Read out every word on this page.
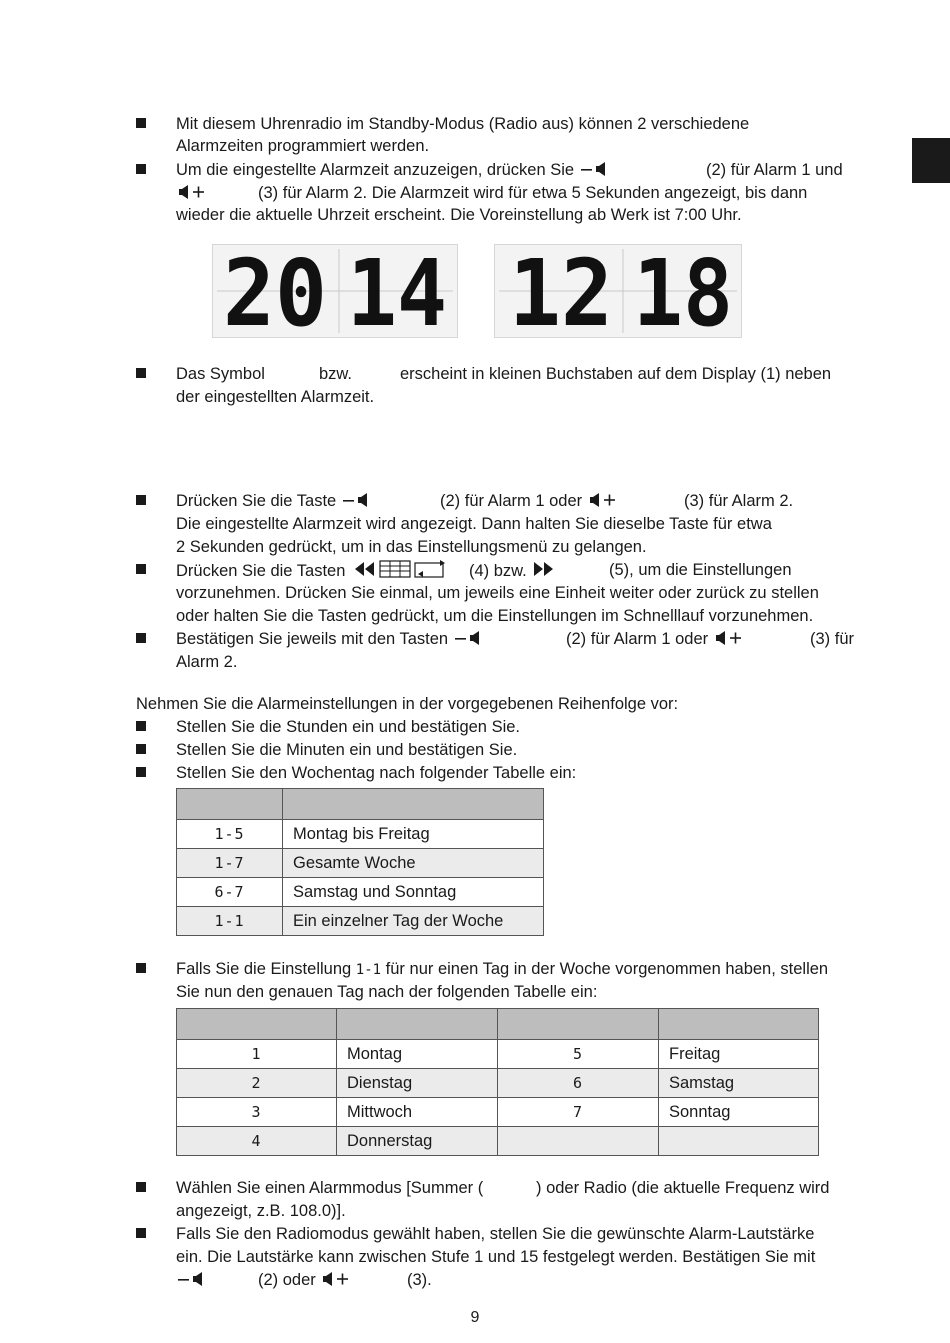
Mit diesem Uhrenradio im Standby-Modus (Radio aus) können 2 verschiedene
Alarmzeiten programmiert werden.
Um die eingestellte Alarmzeit anzuzeigen, drücken Sie	(2) für Alarm 1 und
(3) für Alarm 2. Die Alarmzeit wird für etwa 5 Sekunden angezeigt, bis dann
wieder die aktuelle Uhrzeit erscheint. Die Voreinstellung ab Werk ist 7:00 Uhr.
20 14 12 18
Das Symbol	bzw.	erscheint in kleinen Buchstaben auf dem Display (1) neben
der eingestellten Alarmzeit.
Drücken Sie die Taste	(2) für Alarm 1 oder	(3) für Alarm 2.
Die eingestellte Alarmzeit wird angezeigt. Dann halten Sie dieselbe Taste für etwa
2 Sekunden gedrückt, um in das Einstellungsmenü zu gelangen.
Drücken Sie die Tasten	(4) bzw.	(5), um die Einstellungen
vorzunehmen. Drücken Sie einmal, um jeweils eine Einheit weiter oder zurück zu stellen
oder halten Sie die Tasten gedrückt, um die Einstellungen im Schnelllauf vorzunehmen.
Bestätigen Sie jeweils mit den Tasten	(2) für Alarm 1 oder	(3) für
Alarm 2.
Nehmen Sie die Alarmeinstellungen in der vorgegebenen Reihenfolge vor:
Stellen Sie die Stunden ein und bestätigen Sie.
Stellen Sie die Minuten ein und bestätigen Sie.
Stellen Sie den Wochentag nach folgender Tabelle ein:

1-5	Montag bis Freitag
1-7	Gesamte Woche
6-7	Samstag und Sonntag
1-1	Ein einzelner Tag der Woche
Falls Sie die Einstellung 1-1 für nur einen Tag in der Woche vorgenommen haben, stellen
Sie nun den genauen Tag nach der folgenden Tabelle ein:

1	Montag	5	Freitag
2	Dienstag	6	Samstag
3	Mittwoch	7	Sonntag
4	Donnerstag		
Wählen Sie einen Alarmmodus [Summer (	) oder Radio (die aktuelle Frequenz wird
angezeigt, z.B. 108.0)].
Falls Sie den Radiomodus gewählt haben, stellen Sie die gewünschte Alarm-Lautstärke
ein. Die Lautstärke kann zwischen Stufe 1 und 15 festgelegt werden. Bestätigen Sie mit
(2) oder	(3).
9
